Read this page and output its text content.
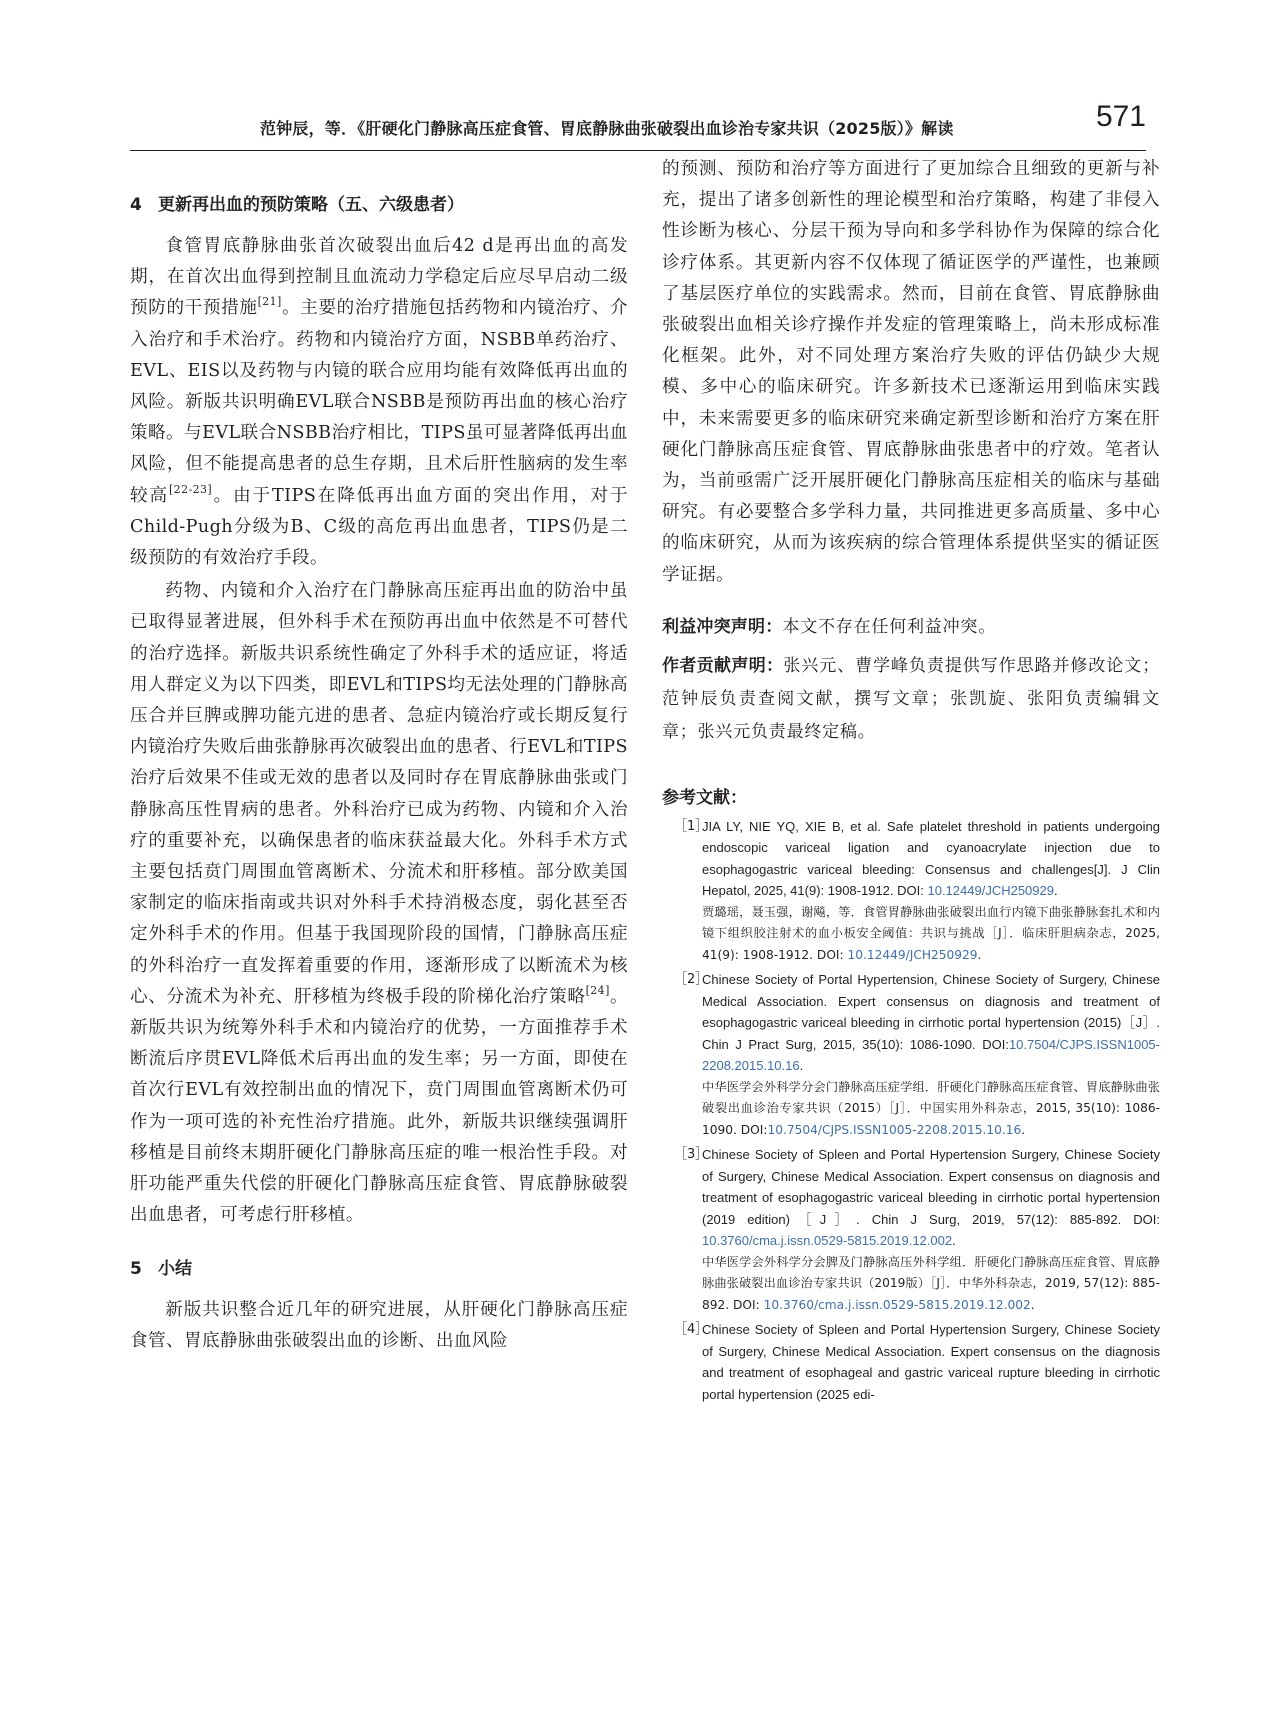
范钟辰，等．《肝硬化门静脉高压症食管、胃底静脉曲张破裂出血诊治专家共识（2025版）》解读	571
4 更新再出血的预防策略（五、六级患者）

食管胃底静脉曲张首次破裂出血后42 d是再出血的高发期，在首次出血得到控制且血流动力学稳定后应尽早启动二级预防的干预措施[21]。主要的治疗措施包括药物和内镜治疗、介入治疗和手术治疗。药物和内镜治疗方面，NSBB单药治疗、EVL、EIS以及药物与内镜的联合应用均能有效降低再出血的风险。新版共识明确EVL联合NSBB是预防再出血的核心治疗策略。与EVL联合NSBB治疗相比，TIPS虽可显著降低再出血风险，但不能提高患者的总生存期，且术后肝性脑病的发生率较高[22-23]。由于TIPS在降低再出血方面的突出作用，对于Child-Pugh分级为B、C级的高危再出血患者，TIPS仍是二级预防的有效治疗手段。

药物、内镜和介入治疗在门静脉高压症再出血的防治中虽已取得显著进展，但外科手术在预防再出血中依然是不可替代的治疗选择。新版共识系统性确定了外科手术的适应证，将适用人群定义为以下四类，即EVL和TIPS均无法处理的门静脉高压合并巨脾或脾功能亢进的患者、急症内镜治疗或长期反复行内镜治疗失败后曲张静脉再次破裂出血的患者、行EVL和TIPS治疗后效果不佳或无效的患者以及同时存在胃底静脉曲张或门静脉高压性胃病的患者。外科治疗已成为药物、内镜和介入治疗的重要补充，以确保患者的临床获益最大化。外科手术方式主要包括贲门周围血管离断术、分流术和肝移植。部分欧美国家制定的临床指南或共识对外科手术持消极态度，弱化甚至否定外科手术的作用。但基于我国现阶段的国情，门静脉高压症的外科治疗一直发挥着重要的作用，逐渐形成了以断流术为核心、分流术为补充、肝移植为终极手段的阶梯化治疗策略[24]。新版共识为统筹外科手术和内镜治疗的优势，一方面推荐手术断流后序贯EVL降低术后再出血的发生率；另一方面，即使在首次行EVL有效控制出血的情况下，贲门周围血管离断术仍可作为一项可选的补充性治疗措施。此外，新版共识继续强调肝移植是目前终末期肝硬化门静脉高压症的唯一根治性手段。对肝功能严重失代偿的肝硬化门静脉高压症食管、胃底静脉破裂出血患者，可考虑行肝移植。

5 小结

新版共识整合近几年的研究进展，从肝硬化门静脉高压症食管、胃底静脉曲张破裂出血的诊断、出血风险

的预测、预防和治疗等方面进行了更加综合且细致的更新与补充，提出了诸多创新性的理论模型和治疗策略，构建了非侵入性诊断为核心、分层干预为导向和多学科协作为保障的综合化诊疗体系。其更新内容不仅体现了循证医学的严谨性，也兼顾了基层医疗单位的实践需求。然而，目前在食管、胃底静脉曲张破裂出血相关诊疗操作并发症的管理策略上，尚未形成标准化框架。此外，对不同处理方案治疗失败的评估仍缺少大规模、多中心的临床研究。许多新技术已逐渐运用到临床实践中，未来需要更多的临床研究来确定新型诊断和治疗方案在肝硬化门静脉高压症食管、胃底静脉曲张患者中的疗效。笔者认为，当前亟需广泛开展肝硬化门静脉高压症相关的临床与基础研究。有必要整合多学科力量，共同推进更多高质量、多中心的临床研究，从而为该疾病的综合管理体系提供坚实的循证医学证据。

利益冲突声明：本文不存在任何利益冲突。
作者贡献声明：张兴元、曹学峰负责提供写作思路并修改论文；范钟辰负责查阅文献，撰写文章；张凯旋、张阳负责编辑文章；张兴元负责最终定稿。
参考文献：
［1］
JIA LY, NIE YQ, XIE B, et al. Safe platelet threshold in patients undergoing endoscopic variceal ligation and cyanoacrylate injection due to esophagogastric variceal bleeding: Consensus and challenges[J]. J Clin Hepatol, 2025, 41(9): 1908-1912. DOI: 10.12449/JCH250929.
贾璐瑶，聂玉强，谢飚，等．食管胃静脉曲张破裂出血行内镜下曲张静脉套扎术和内镜下组织胶注射术的血小板安全阈值：共识与挑战［J］．临床肝胆病杂志，2025, 41(9): 1908-1912. DOI: 10.12449/JCH250929.
［2］
Chinese Society of Portal Hypertension, Chinese Society of Surgery, Chinese Medical Association. Expert consensus on diagnosis and treatment of esophagogastric variceal bleeding in cirrhotic portal hypertension (2015)［J］. Chin J Pract Surg, 2015, 35(10): 1086-1090. DOI:10.7504/CJPS.ISSN1005-2208.2015.10.16.
中华医学会外科学分会门静脉高压症学组．肝硬化门静脉高压症食管、胃底静脉曲张破裂出血诊治专家共识（2015）［J］．中国实用外科杂志，2015, 35(10): 1086-1090. DOI:10.7504/CJPS.ISSN1005-2208.2015.10.16.
［3］
Chinese Society of Spleen and Portal Hypertension Surgery, Chinese Society of Surgery, Chinese Medical Association. Expert consensus on diagnosis and treatment of esophagogastric variceal bleeding in cirrhotic portal hypertension (2019 edition)［J］. Chin J Surg, 2019, 57(12): 885-892. DOI: 10.3760/cma.j.issn.0529-5815.2019.12.002.
中华医学会外科学分会脾及门静脉高压外科学组．肝硬化门静脉高压症食管、胃底静脉曲张破裂出血诊治专家共识（2019版）［J］．中华外科杂志，2019, 57(12): 885-892. DOI: 10.3760/cma.j.issn.0529-5815.2019.12.002.
［4］
Chinese Society of Spleen and Portal Hypertension Surgery, Chinese Society of Surgery, Chinese Medical Association. Expert consensus on the diagnosis and treatment of esophageal and gastric variceal rupture bleeding in cirrhotic portal hypertension (2025 edi-
